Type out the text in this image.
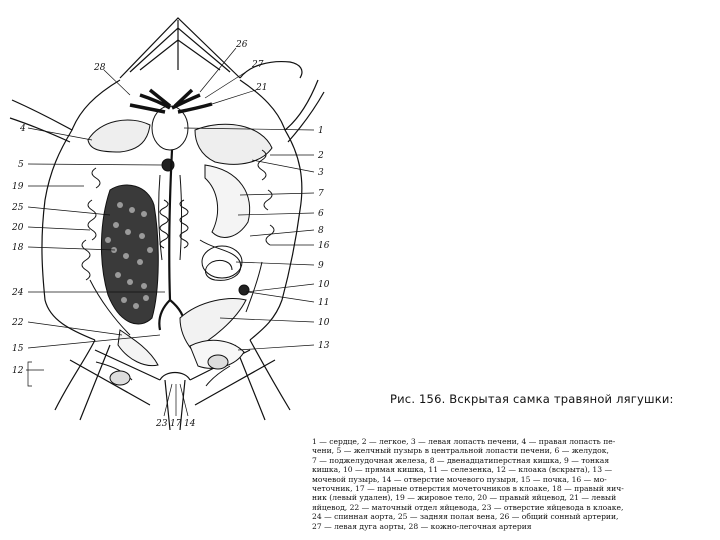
28
4
5
19
25
20
18
24
22
15
12
26
27
21
1
2
3
7
6
8
16
9
10
11
10
13
23 17 14
Рис. 156. Вскрытая самка травяной лягушки:
1 — сердце, 2 — легкое, 3 — левая лопасть печени, 4 — правая лопасть пе-
чени, 5 — желчный пузырь в центральной лопасти печени, 6 — желудок,
7 — поджелудочная железа, 8 — двенадцатиперстная кишка, 9 — тонкая
кишка, 10 — прямая кишка, 11 — селезенка, 12 — клоака (вскрыта), 13 —
мочевой пузырь, 14 — отверстие мочевого пузыря, 15 — почка, 16 — мо-
четочник, 17 — парные отверстия мочеточников в клоаке, 18 — правый яич-
ник (левый удален), 19 — жировое тело, 20 — правый яйцевод, 21 — левый
яйцевод, 22 — маточный отдел яйцевода, 23 — отверстие яйцевода в клоаке,
24 — спинная аорта, 25 — задняя полая вена, 26 — общий сонный артерии,
27 — левая дуга аорты, 28 — кожно-легочная артерия
